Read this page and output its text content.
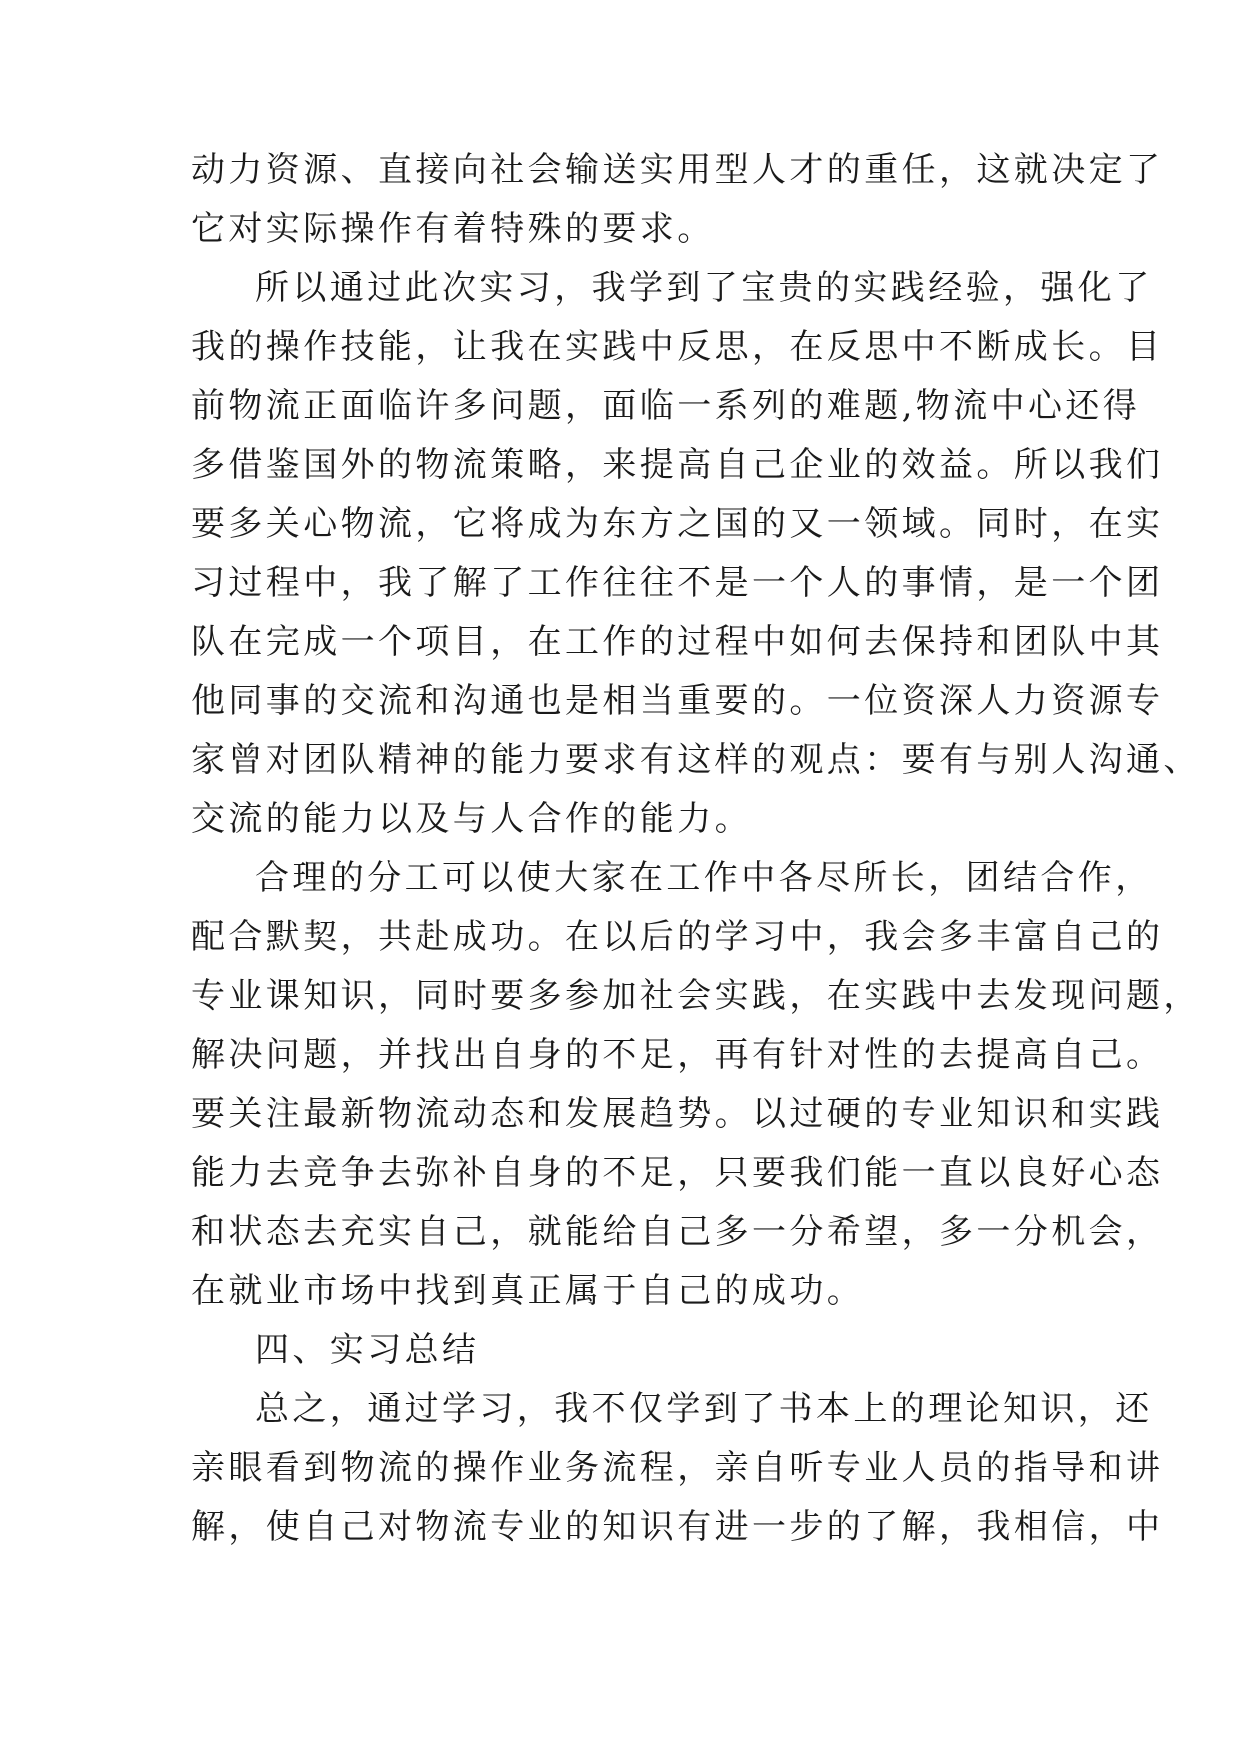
动力资源、直接向社会输送实用型人才的重任，这就决定了
它对实际操作有着特殊的要求。
所以通过此次实习，我学到了宝贵的实践经验，强化了
我的操作技能，让我在实践中反思，在反思中不断成长。目
前物流正面临许多问题，面临一系列的难题,物流中心还得
多借鉴国外的物流策略，来提高自己企业的效益。所以我们
要多关心物流，它将成为东方之国的又一领域。同时，在实
习过程中，我了解了工作往往不是一个人的事情，是一个团
队在完成一个项目，在工作的过程中如何去保持和团队中其
他同事的交流和沟通也是相当重要的。一位资深人力资源专
家曾对团队精神的能力要求有这样的观点：要有与别人沟通、
交流的能力以及与人合作的能力。
合理的分工可以使大家在工作中各尽所长，团结合作，
配合默契，共赴成功。在以后的学习中，我会多丰富自己的
专业课知识，同时要多参加社会实践，在实践中去发现问题，
解决问题，并找出自身的不足，再有针对性的去提高自己。
要关注最新物流动态和发展趋势。以过硬的专业知识和实践
能力去竞争去弥补自身的不足，只要我们能一直以良好心态
和状态去充实自己，就能给自己多一分希望，多一分机会，
在就业市场中找到真正属于自己的成功。
四、实习总结
总之，通过学习，我不仅学到了书本上的理论知识，还
亲眼看到物流的操作业务流程，亲自听专业人员的指导和讲
解，使自己对物流专业的知识有进一步的了解，我相信，中
